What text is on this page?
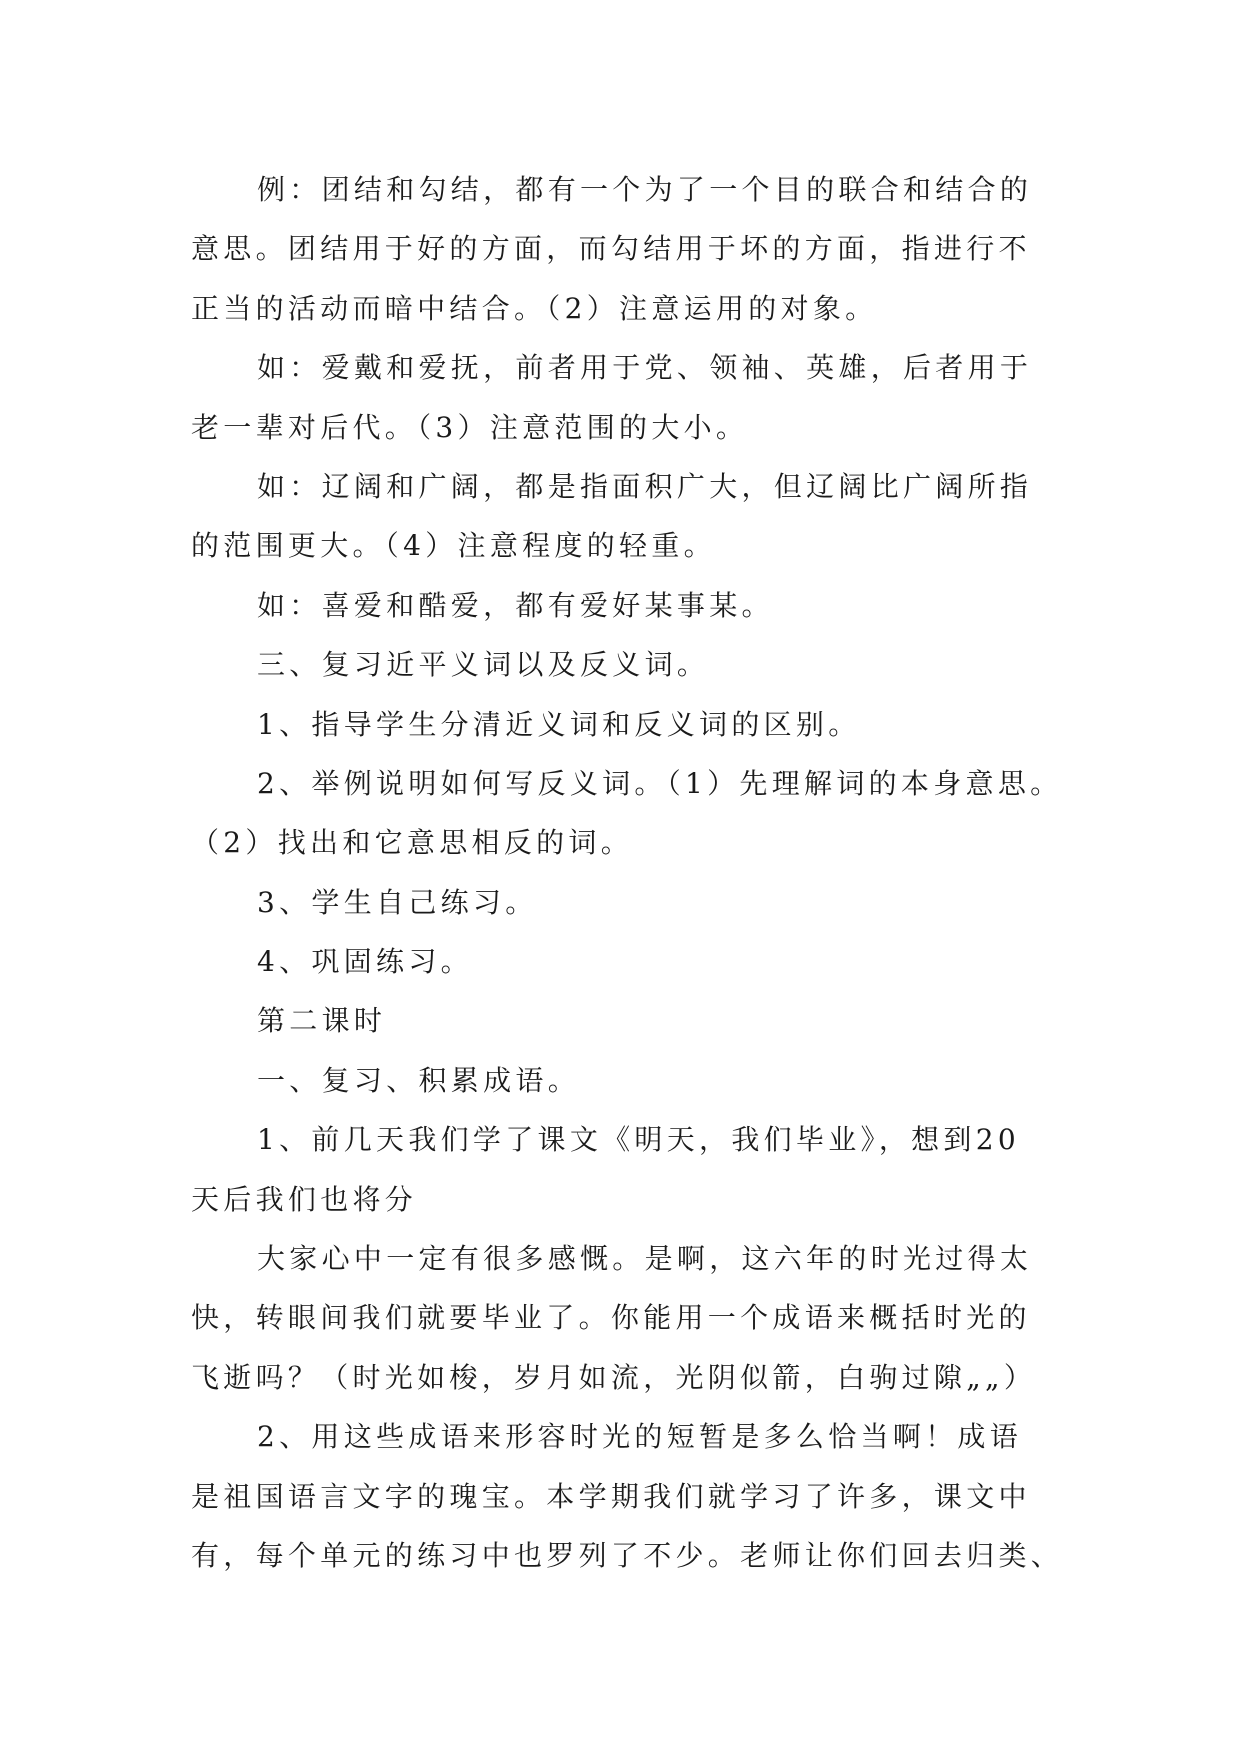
例：团结和勾结，都有一个为了一个目的联合和结合的
意思。团结用于好的方面，而勾结用于坏的方面，指进行不
正当的活动而暗中结合。（2）注意运用的对象。
如：爱戴和爱抚，前者用于党、领袖、英雄，后者用于
老一辈对后代。（3）注意范围的大小。
如：辽阔和广阔，都是指面积广大，但辽阔比广阔所指
的范围更大。（4）注意程度的轻重。
如：喜爱和酷爱，都有爱好某事某。
三、复习近平义词以及反义词。
1、指导学生分清近义词和反义词的区别。
2、举例说明如何写反义词。（1）先理解词的本身意思。
（2）找出和它意思相反的词。
3、学生自己练习。
4、巩固练习。
第二课时
一、复习、积累成语。
1、前几天我们学了课文《明天，我们毕业》，想到20
天后我们也将分
大家心中一定有很多感慨。是啊，这六年的时光过得太
快，转眼间我们就要毕业了。你能用一个成语来概括时光的
飞逝吗？（时光如梭，岁月如流，光阴似箭，白驹过隙„„）
2、用这些成语来形容时光的短暂是多么恰当啊！成语
是祖国语言文字的瑰宝。本学期我们就学习了许多，课文中
有，每个单元的练习中也罗列了不少。老师让你们回去归类、
